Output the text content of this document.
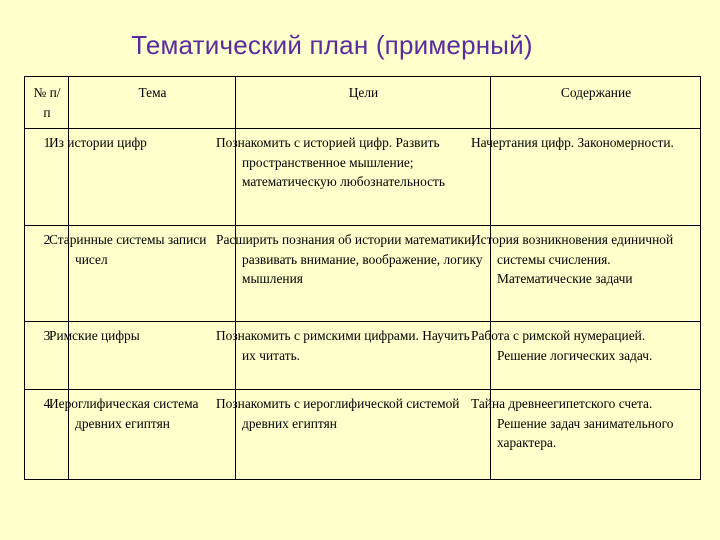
Тематический план (примерный)
№ п/п	Тема	Цели	Содержание
1	Из истории цифр	Познакомить с историей цифр. Развить пространственное мышление; математическую любознательность	Начертания цифр. Закономерности.
2	Старинные системы записи чисел	Расширить познания об истории математики; развивать внимание, воображение, логику мышления	История возникновения единичной системы счисления. Математические задачи
3	Римские цифры	Познакомить с римскими цифрами. Научить их читать.	Работа с римской нумерацией. Решение логических задач.
4	Иероглифическая система древних египтян	Познакомить с иероглифической системой древних египтян	Тайна древнеегипетского счета. Решение задач занимательного характера.
